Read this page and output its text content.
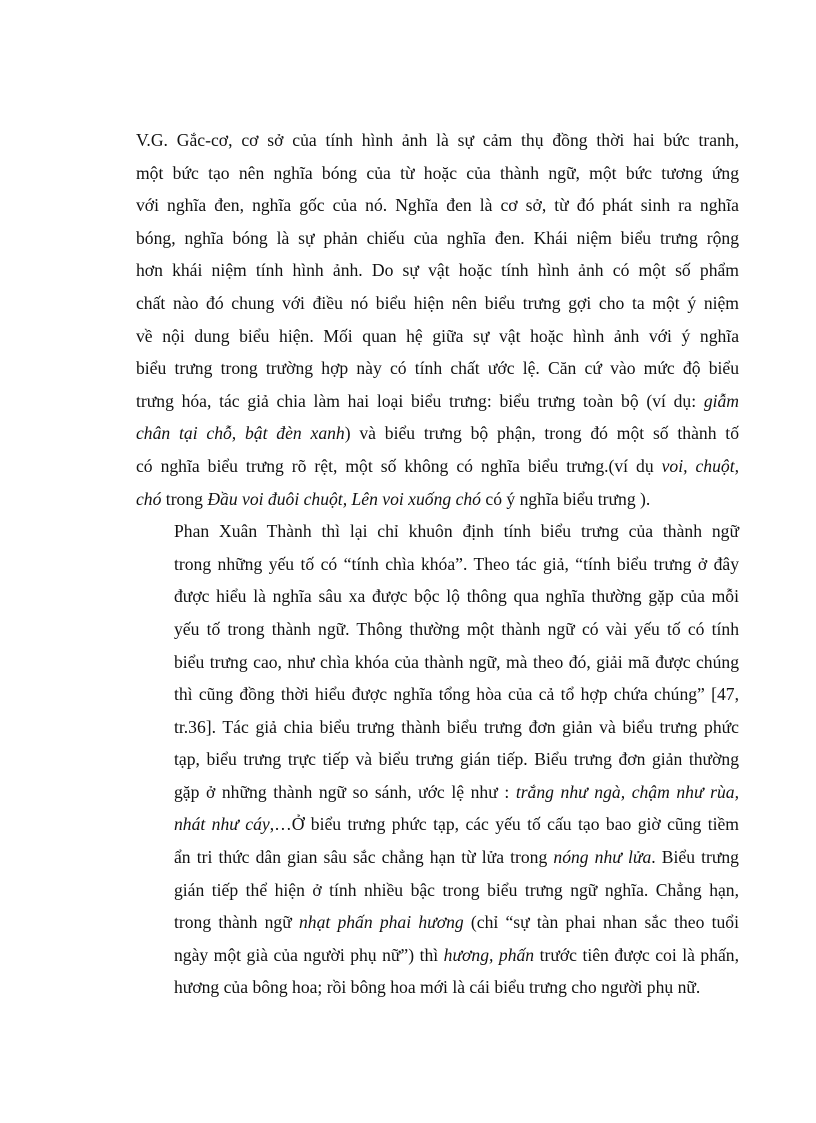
V.G. Gắc-cơ, cơ sở của tính hình ảnh là sự cảm thụ đồng thời hai bức tranh,
một bức tạo nên nghĩa bóng của từ hoặc của thành ngữ, một bức tương ứng
với nghĩa đen, nghĩa gốc của nó. Nghĩa đen là cơ sở, từ đó phát sinh ra nghĩa
bóng, nghĩa bóng là sự phản chiếu của nghĩa đen. Khái niệm biểu trưng rộng
hơn khái niệm tính hình ảnh. Do sự vật hoặc tính hình ảnh có một số phẩm
chất nào đó chung với điều nó biểu hiện nên biểu trưng gợi cho ta một ý niệm
về nội dung biểu hiện. Mối quan hệ giữa sự vật hoặc hình ảnh với ý nghĩa
biểu trưng trong trường hợp này có tính chất ước lệ. Căn cứ vào mức độ biểu
trưng hóa, tác giả chia làm hai loại biểu trưng: biểu trưng toàn bộ (ví dụ: giẫm
chân tại chỗ, bật đèn xanh) và biểu trưng bộ phận, trong đó một số thành tố
có nghĩa biểu trưng rõ rệt, một số không có nghĩa biểu trưng.(ví dụ voi, chuột,
chó trong Đầu voi đuôi chuột, Lên voi xuống chó có ý nghĩa biểu trưng ).

Phan Xuân Thành thì lại chỉ khuôn định tính biểu trưng của thành ngữ
trong những yếu tố có “tính chìa khóa”. Theo tác giả, “tính biểu trưng ở đây
được hiểu là nghĩa sâu xa được bộc lộ thông qua nghĩa thường gặp của mỗi
yếu tố trong thành ngữ. Thông thường một thành ngữ có vài yếu tố có tính
biểu trưng cao, như chìa khóa của thành ngữ, mà theo đó, giải mã được chúng
thì cũng đồng thời hiểu được nghĩa tổng hòa của cả tổ hợp chứa chúng” [47,
tr.36]. Tác giả chia biểu trưng thành biểu trưng đơn giản và biểu trưng phức
tạp, biểu trưng trực tiếp và biểu trưng gián tiếp. Biểu trưng đơn giản thường
gặp ở những thành ngữ so sánh, ước lệ như : trắng như ngà, chậm như rùa,
nhát như cáy,…Ở biểu trưng phức tạp, các yếu tố cấu tạo bao giờ cũng tiềm
ẩn tri thức dân gian sâu sắc chẳng hạn từ lửa trong nóng như lửa. Biểu trưng
gián tiếp thể hiện ở tính nhiều bậc trong biểu trưng ngữ nghĩa. Chẳng hạn,
trong thành ngữ nhạt phấn phai hương (chỉ “sự tàn phai nhan sắc theo tuổi
ngày một già của người phụ nữ”) thì hương, phấn trước tiên được coi là phấn,
hương của bông hoa; rồi bông hoa mới là cái biểu trưng cho người phụ nữ.
